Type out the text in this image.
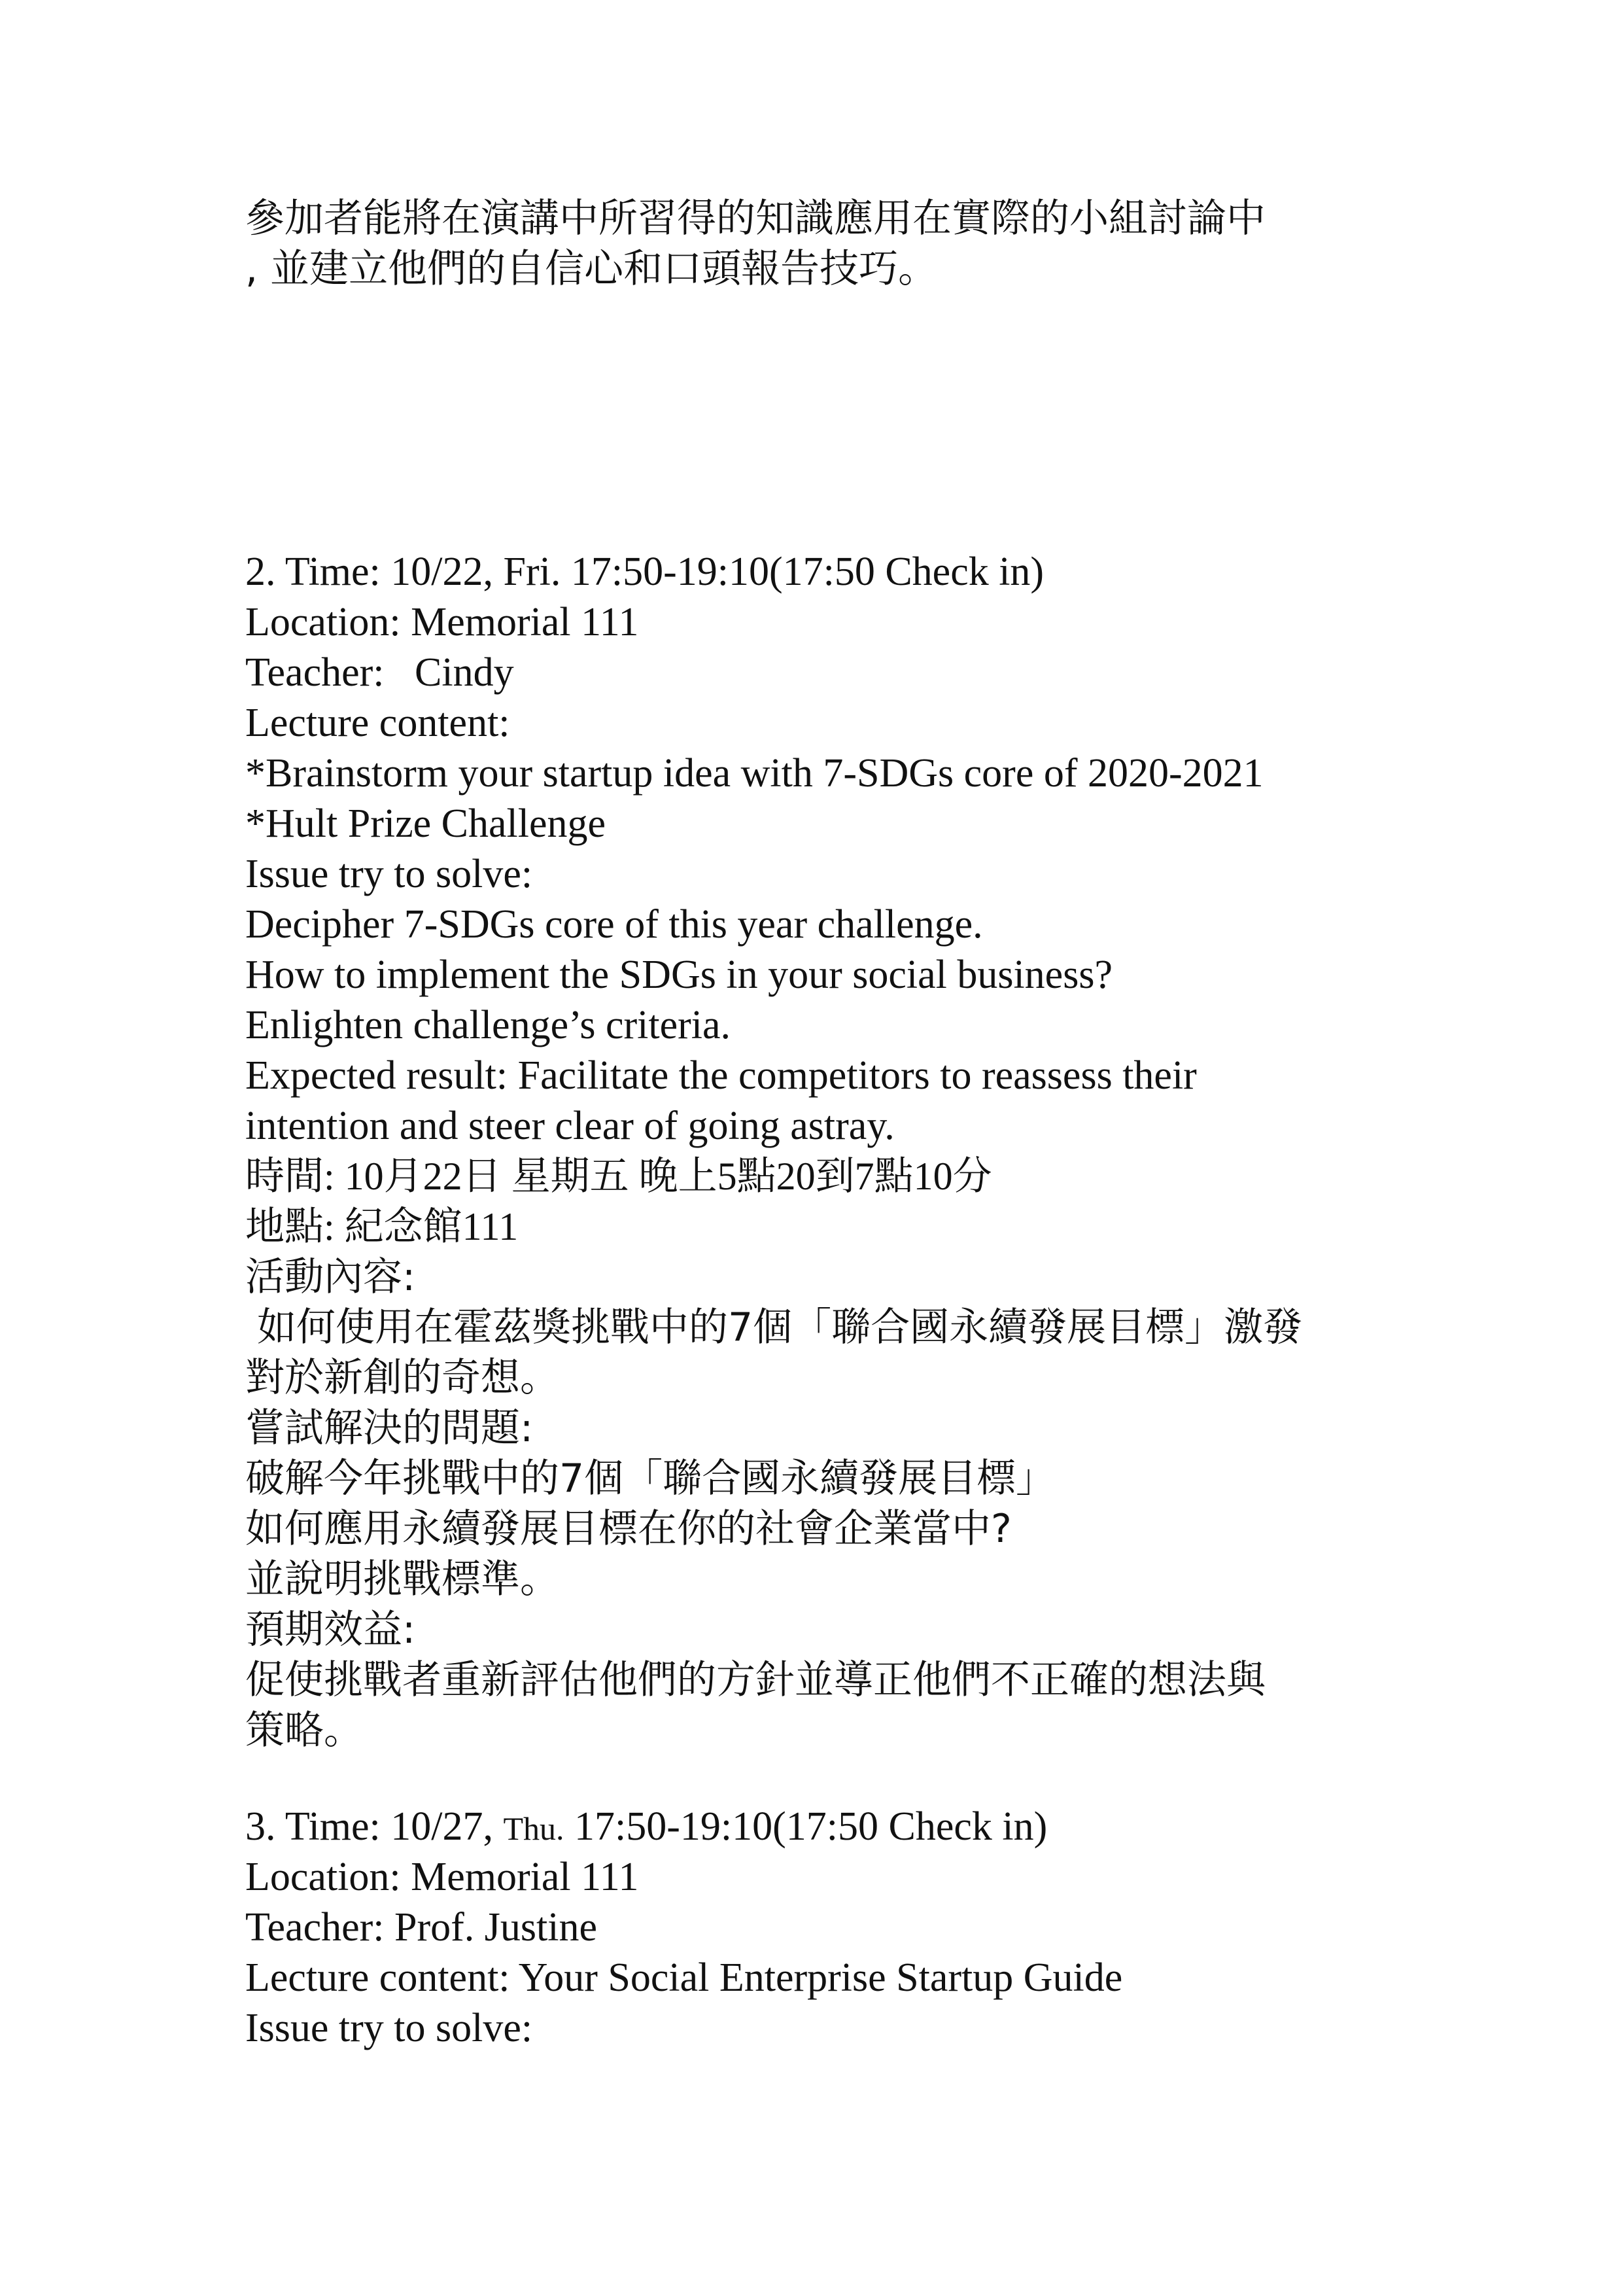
參加者能將在演講中所習得的知識應用在實際的小組討論中
, 並建立他們的自信心和口頭報告技巧。
2. Time: 10/22, Fri. 17:50-19:10(17:50 Check in)
Location: Memorial 111
Teacher:   Cindy
Lecture content:
*Brainstorm your startup idea with 7-SDGs core of 2020-2021
*Hult Prize Challenge
Issue try to solve:
Decipher 7-SDGs core of this year challenge.
How to implement the SDGs in your social business?
Enlighten challenge’s criteria.
Expected result: Facilitate the competitors to reassess their
intention and steer clear of going astray.
時間: 10月22日 星期五 晚上5點20到7點10分
地點: 紀念館111
活動內容:
如何使用在霍茲獎挑戰中的7個「聯合國永續發展目標」激發
對於新創的奇想。
嘗試解決的問題:
破解今年挑戰中的7個「聯合國永續發展目標」
如何應用永續發展目標在你的社會企業當中?
並說明挑戰標準。
預期效益:
促使挑戰者重新評估他們的方針並導正他們不正確的想法與
策略。
3. Time: 10/27, Thu. 17:50-19:10(17:50 Check in)
Location: Memorial 111
Teacher: Prof. Justine
Lecture content: Your Social Enterprise Startup Guide
Issue try to solve:
